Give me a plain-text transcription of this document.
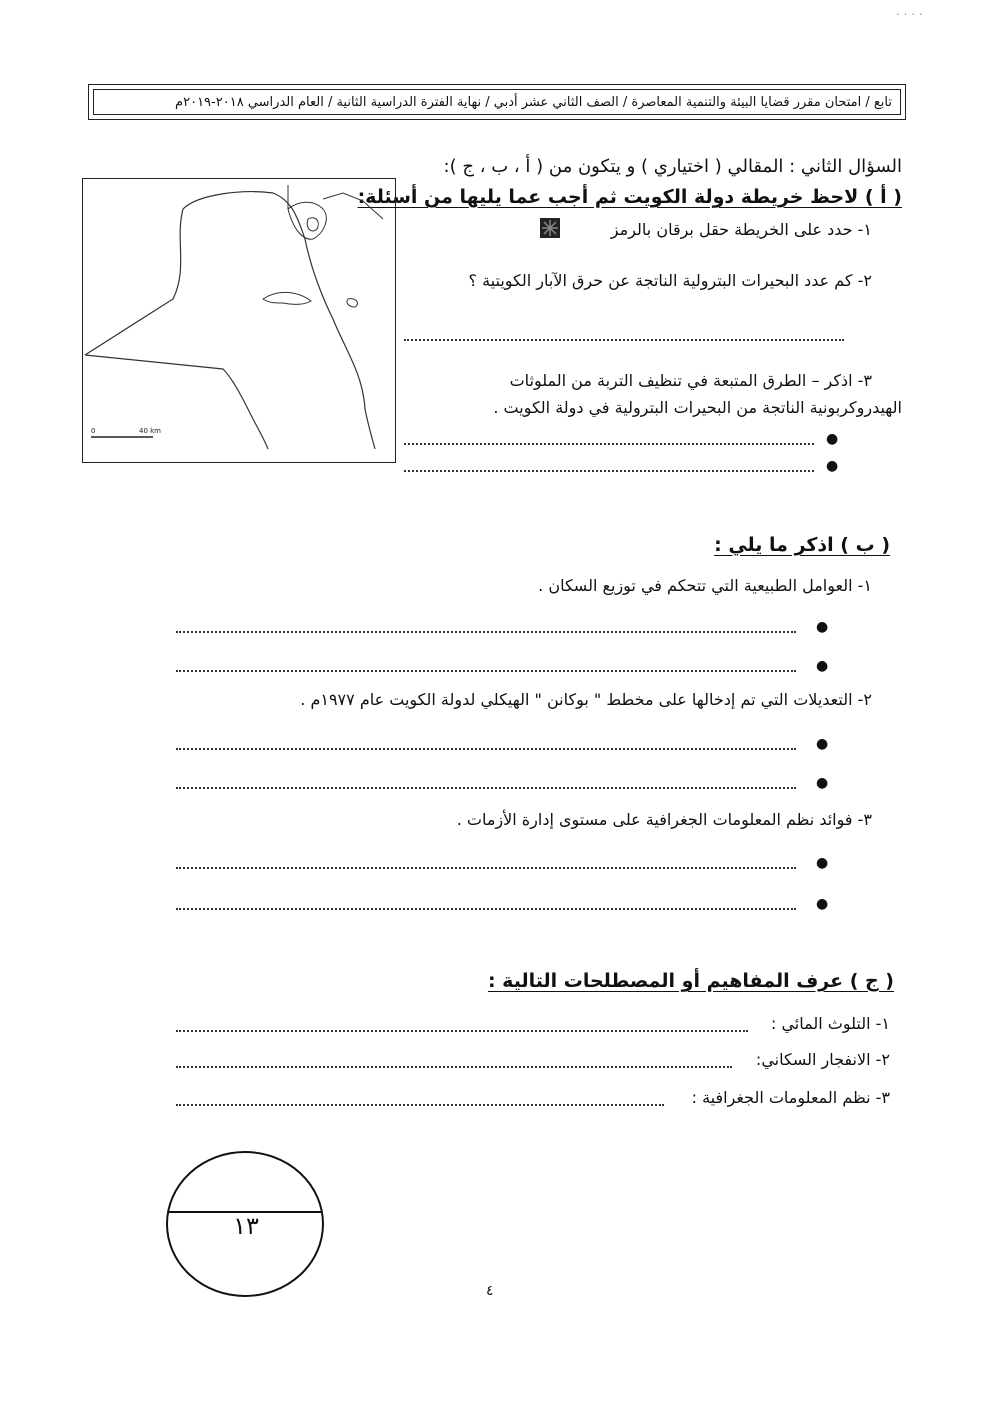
. . . .
تابع / امتحان مقرر قضايا البيئة والتنمية المعاصرة / الصف الثاني عشر أدبي / نهاية الفترة الدراسية الثانية / العام الدراسي ٢٠١٨-٢٠١٩م
السؤال الثاني : المقالي ( اختياري ) و يتكون من ( أ ، ب ، ج ):
( أ ) لاحظ خريطة دولة الكويت ثم أجب عما يليها من أسئلة:
0	40 km
١- حدد على الخريطة حقل برقان بالرمز
٢- كم عدد البحيرات البترولية الناتجة عن حرق الآبار الكويتية ؟
٣- اذكر – الطرق المتبعة في تنظيف التربة من الملوثات
الهيدروكربونية الناتجة من البحيرات البترولية في دولة الكويت .
●
●
( ب ) اذكر ما يلي :
١- العوامل الطبيعية التي تتحكم في توزيع السكان .
●
●
٢- التعديلات التي تم إدخالها على مخطط " بوكانن " الهيكلي لدولة الكويت عام ١٩٧٧م .
●
●
٣- فوائد نظم المعلومات الجغرافية على مستوى إدارة الأزمات .
●
●
( ج ) عرف المفاهيم أو المصطلحات التالية :
١- التلوث المائي :
٢- الانفجار السكاني:
٣- نظم المعلومات الجغرافية :
١٣
٤
